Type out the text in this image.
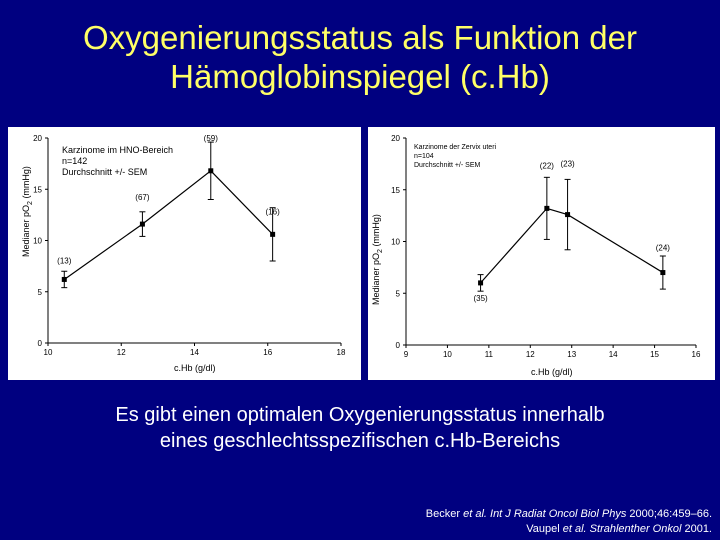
Oxygenierungsstatus als Funktion der
Hämoglobinspiegel (c.Hb)
0
5
10
15
20
10	12	14	16	18
(13)
(67)
(59)
(16)
Karzinome im HNO-Bereich
n=142
Durchschnitt +/- SEM
c.Hb (g/dl)
Medianer $pO_2$ (mmHg)
0
5
10
15
20
9	10	11	12	13	14	15	16
(35)
(22) (23)
(24)
Karzinome der Zervix uteri
n=104
Durchschnitt +/- SEM
c.Hb (g/dl)
Medianer $pO_2$ (mmHg)
Es gibt einen optimalen Oxygenierungsstatus innerhalb
eines geschlechtsspezifischen c.Hb-Bereichs
Becker et al. Int J Radiat Oncol Biol Phys 2000;46:459–66.
Vaupel et al. Strahlenther Onkol 2001.
